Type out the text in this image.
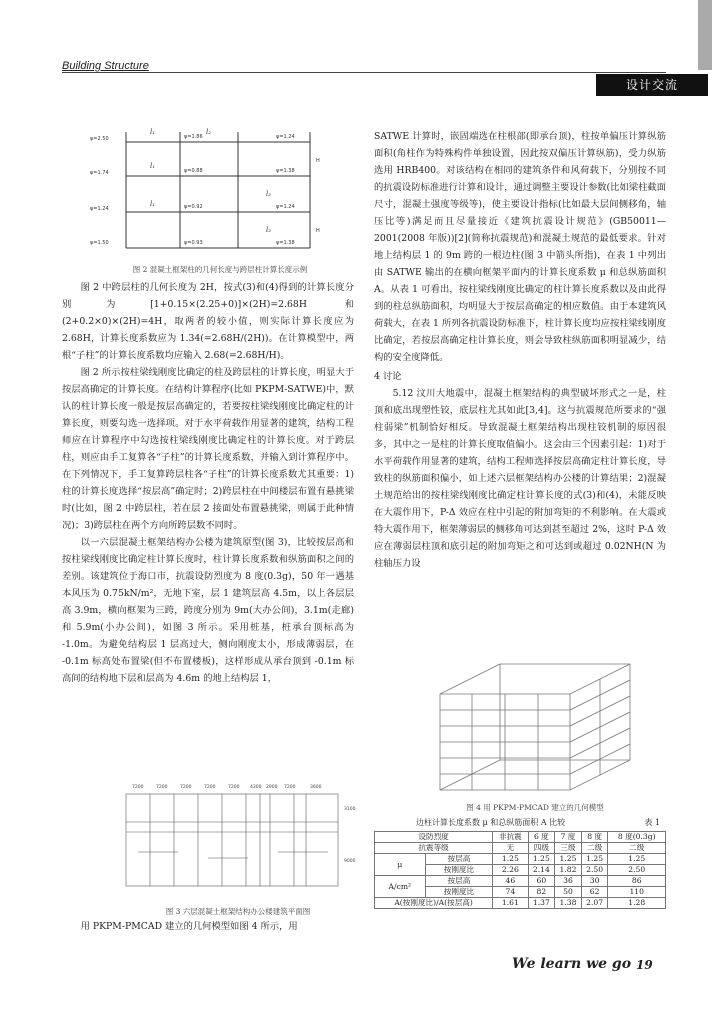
Building Structure
设计交流
ψ=2.50	ψ=1.86	ψ=1.24
ψ=1.74	ψ=0.88	ψ=1.38
ψ=1.24	ψ=0.92	ψ=1.24
ψ=1.50	ψ=0.93	ψ=1.38
H
H
l₁	l₂
l₁
l₂
l₁
l₂
图 2 混凝土框架柱的几何长度与跨层柱计算长度示例

图 2 中跨层柱的几何长度为 2H，按式(3)和(4)得到的计算长度分别为[1+0.15×(2.25+0)]×(2H)=2.68H 和(2+0.2×0)×(2H)=4H，取两者的较小值，则实际计算长度应为 2.68H，计算长度系数应为 1.34(=2.68H/(2H))。在计算模型中，两根“子柱”的计算长度系数均应输入 2.68(=2.68H/H)。

图 2 所示按柱梁线刚度比确定的柱及跨层柱的计算长度，明显大于按层高确定的计算长度。在结构计算程序(比如 PKPM-SATWE)中，默认的柱计算长度一般是按层高确定的，若要按柱梁线刚度比确定柱的计算长度，则要勾选一选择项。对于水平荷载作用显著的建筑，结构工程师应在计算程序中勾选按柱梁线刚度比确定柱的计算长度。对于跨层柱，则应由手工复算各“子柱”的计算长度系数，并输入到计算程序中。在下列情况下，手工复算跨层柱各“子柱”的计算长度系数尤其重要：1)柱的计算长度选择“按层高”确定时；2)跨层柱在中间楼层布置有悬挑梁时(比如，图 2 中跨层柱，若在层 2 接面处布置悬挑梁，则属于此种情况)；3)跨层柱在两个方向所跨层数不同时。

以一六层混凝土框架结构办公楼为建筑原型(图 3)，比较按层高和按柱梁线刚度比确定柱计算长度时，柱计算长度系数和纵筋面积之间的差别。该建筑位于海口市，抗震设防烈度为 8 度(0.3g)，50 年一遇基本风压为 0.75kN/m²，无地下室，层 1 建筑层高 4.5m，以上各层层高 3.9m，横向框架为三跨，跨度分别为 9m(大办公间)，3.1m(走廊)和 5.9m(小办公间)，如图 3 所示。采用桩基，桩承台顶标高为 -1.0m。为避免结构层 1 层高过大，侧向刚度太小，形成薄弱层，在 -0.1m 标高处布置梁(但不布置楼板)，这样形成从承台顶到 -0.1m 标高间的结构地下层和层高为 4.6m 的地上结构层 1，

7200	7200	7200	7200	7200 4300 2900 7200	3600
3100
9000
图 3 六层混凝土框架结构办公楼建筑平面图

用 PKPM-PMCAD 建立的几何模型如图 4 所示，用

SATWE 计算时，嵌固端选在柱根部(即承台顶)，柱按单偏压计算纵筋面积(角柱作为特殊构件单独设置，因此按双偏压计算纵筋)，受力纵筋选用 HRB400。对该结构在相同的建筑条件和风荷载下，分别按不同的抗震设防标准进行计算和设计，通过调整主要设计参数(比如梁柱截面尺寸，混凝土强度等级等)，使主要设计指标(比如最大层间侧移角，轴压比等)满足而且尽量接近《建筑抗震设计规范》(GB50011—2001(2008 年版))[2](简称抗震规范)和混凝土规范的最低要求。针对地上结构层 1 的 9m 跨的一根边柱(图 3 中箭头所指)，在表 1 中列出由 SATWE 输出的在横向框架平面内的计算长度系数 μ 和总纵筋面积 A。从表 1 可看出，按柱梁线刚度比确定的柱计算长度系数以及由此得到的柱总纵筋面积，均明显大于按层高确定的相应数值。由于本建筑风荷载大，在表 1 所列各抗震设防标准下，柱计算长度均应按柱梁线刚度比确定，若按层高确定柱计算长度，则会导致柱纵筋面积明显减少，结构的安全度降低。

4 讨论

5.12 汶川大地震中，混凝土框架结构的典型破坏形式之一是，柱顶和底出现塑性铰，底层柱尤其如此[3,4]。这与抗震规范所要求的“强柱弱梁”机制恰好相反。导致混凝土框架结构出现柱铰机制的原因很多，其中之一是柱的计算长度取值偏小。这会由三个因素引起：1)对于水平荷载作用显著的建筑，结构工程师选择按层高确定柱计算长度，导致柱的纵筋面积偏小，如上述六层框架结构办公楼的计算结果；2)混凝土规范给出的按柱梁线刚度比确定柱计算长度的式(3)和(4)，未能反映在大震作用下，P-Δ 效应在柱中引起的附加弯矩的不利影响。在大震或特大震作用下，框架薄弱层的侧移角可达到甚至超过 2%，这时 P-Δ 效应在薄弱层柱顶和底引起的附加弯矩之和可达到或超过 0.02NH(N 为柱轴压力设

图 4 用 PKPM-PMCAD 建立的几何模型
边柱计算长度系数 μ 和总纵筋面积 A 比较	表 1
设防烈度		非抗震	6 度	7 度	8 度	8 度(0.3g)
抗震等级		无	四级	三级	二级	二级
μ	按层高	1.25	1.25	1.25	1.25	1.25
	按刚度比	2.26	2.14	1.82	2.50	2.50
A/cm²	按层高	46	60	36	30	86
	按刚度比	74	82	50	62	110
A(按刚度比)/A(按层高)		1.61	1.37	1.38	2.07	1.28
We learn we go 19
